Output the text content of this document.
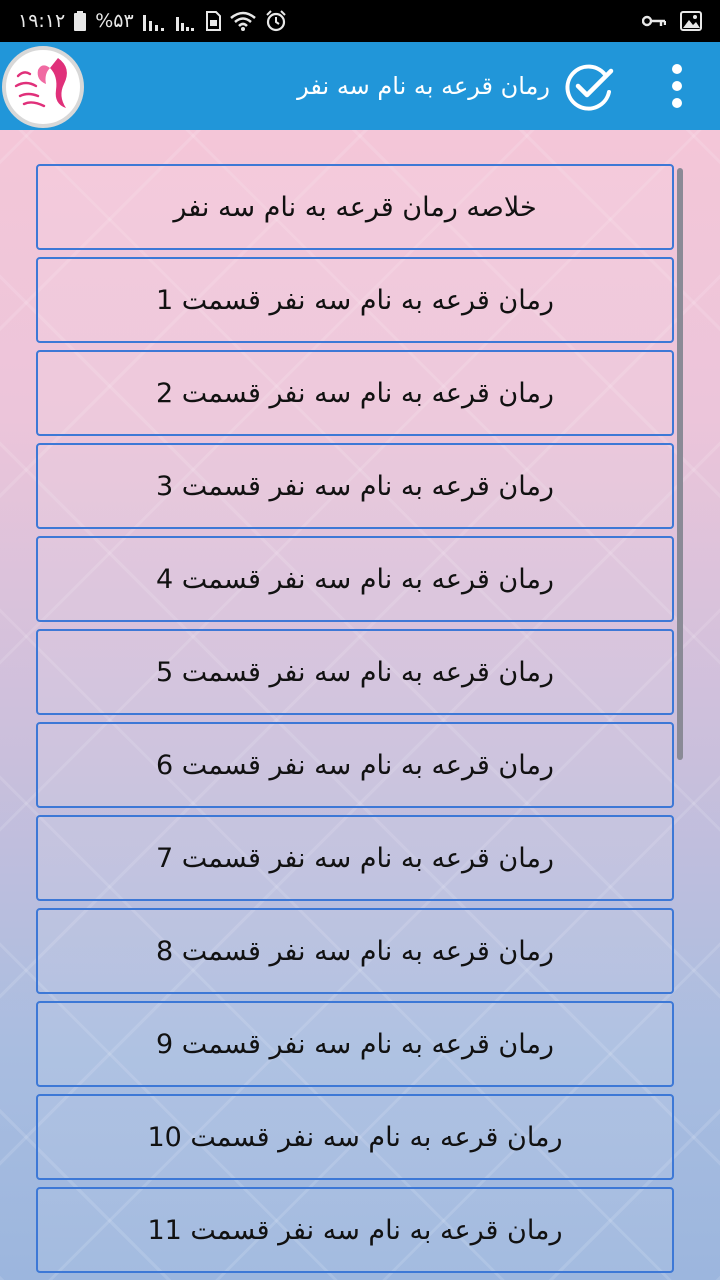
۱۹:۱۲ %۵۳
رمان قرعه به نام سه نفر
خلاصه رمان قرعه به نام سه نفر
رمان قرعه به نام سه نفر قسمت 1
رمان قرعه به نام سه نفر قسمت 2
رمان قرعه به نام سه نفر قسمت 3
رمان قرعه به نام سه نفر قسمت 4
رمان قرعه به نام سه نفر قسمت 5
رمان قرعه به نام سه نفر قسمت 6
رمان قرعه به نام سه نفر قسمت 7
رمان قرعه به نام سه نفر قسمت 8
رمان قرعه به نام سه نفر قسمت 9
رمان قرعه به نام سه نفر قسمت 10
رمان قرعه به نام سه نفر قسمت 11
